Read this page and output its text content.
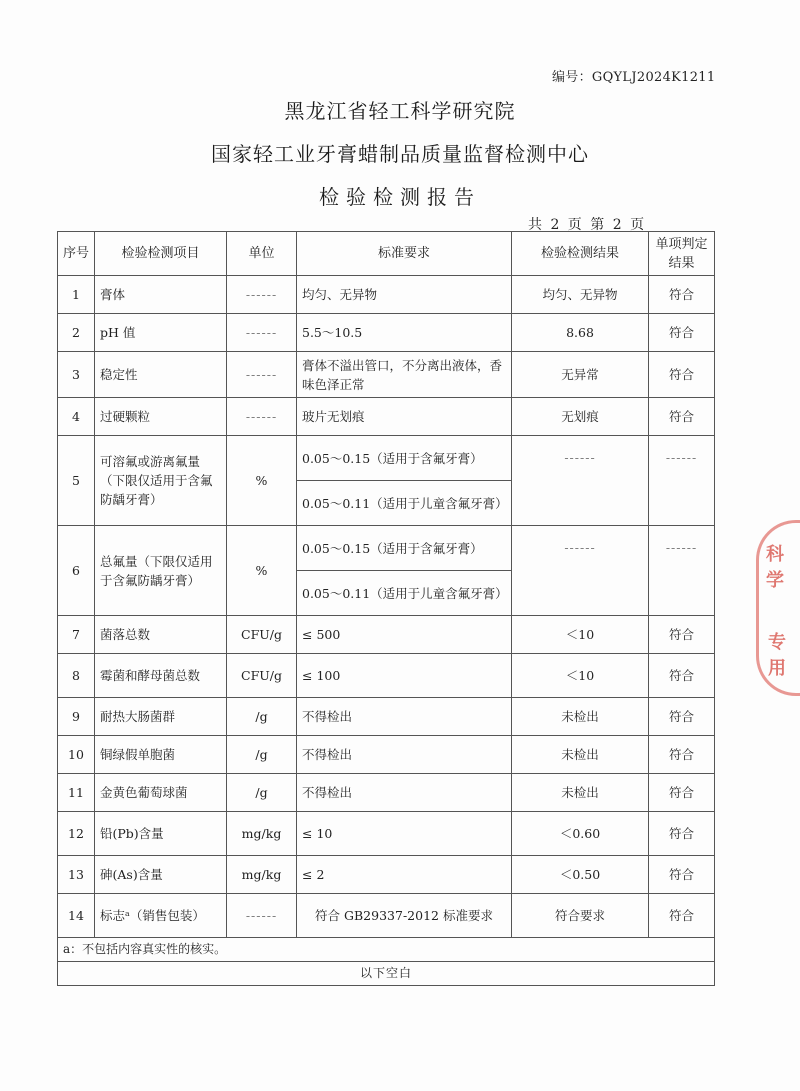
编号：GQYLJ2024K1211
黑龙江省轻工科学研究院
国家轻工业牙膏蜡制品质量监督检测中心
检验检测报告
共 2 页 第 2 页
序号	检验检测项目	单位	标准要求	检验检测结果	单项判定结果
1	膏体	------	均匀、无异物	均匀、无异物	符合
2	pH 值	------	5.5～10.5	8.68	符合
3	稳定性	------	膏体不溢出管口，不分离出液体，香味色泽正常	无异常	符合
4	过硬颗粒	------	玻片无划痕	无划痕	符合
5	可溶氟或游离氟量（下限仅适用于含氟防龋牙膏）	%	0.05～0.15（适用于含氟牙膏）	------	------
			0.05～0.11（适用于儿童含氟牙膏）		
6	总氟量（下限仅适用于含氟防龋牙膏）	%	0.05～0.15（适用于含氟牙膏）	------	------
			0.05～0.11（适用于儿童含氟牙膏）		
7	菌落总数	CFU/g	≤ 500	＜10	符合
8	霉菌和酵母菌总数	CFU/g	≤ 100	＜10	符合
9	耐热大肠菌群	/g	不得检出	未检出	符合
10	铜绿假单胞菌	/g	不得检出	未检出	符合
11	金黄色葡萄球菌	/g	不得检出	未检出	符合
12	铅(Pb)含量	mg/kg	≤ 10	＜0.60	符合
13	砷(As)含量	mg/kg	≤ 2	＜0.50	符合
14	标志ᵃ（销售包装）	------	符合 GB29337-2012 标准要求	符合要求	符合
a：不包括内容真实性的核实。					
以下空白					
科学
专用
